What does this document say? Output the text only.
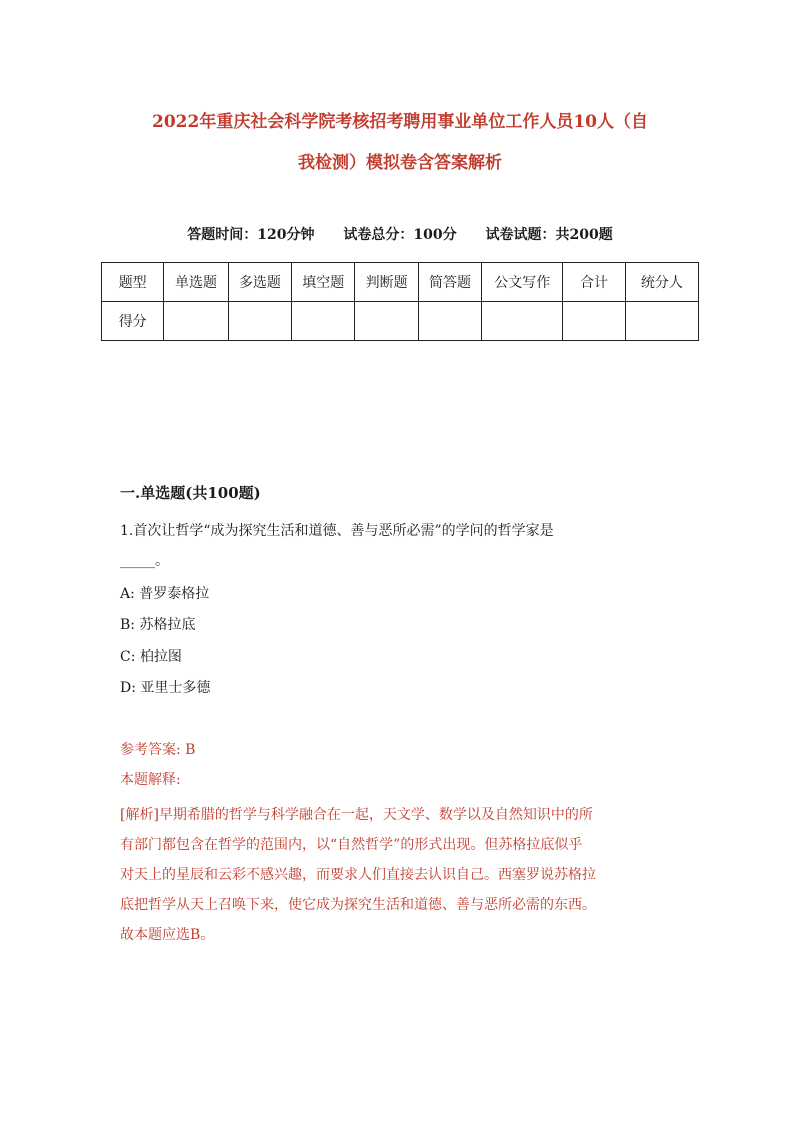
2022年重庆社会科学院考核招考聘用事业单位工作人员10人（自
我检测）模拟卷含答案解析
答题时间：120分钟 试卷总分：100分 试卷试题：共200题
题型	单选题	多选题	填空题	判断题	简答题	公文写作	合计	统分人
得分								
一.单选题(共100题)
1.首次让哲学“成为探究生活和道德、善与恶所必需”的学问的哲学家是
_____。
A: 普罗泰格拉
B: 苏格拉底
C: 柏拉图
D: 亚里士多德
参考答案: B
本题解释:
[解析]早期希腊的哲学与科学融合在一起，天文学、数学以及自然知识中的所
有部门都包含在哲学的范围内，以“自然哲学”的形式出现。但苏格拉底似乎
对天上的星辰和云彩不感兴趣，而要求人们直接去认识自己。西塞罗说苏格拉
底把哲学从天上召唤下来，使它成为探究生活和道德、善与恶所必需的东西。
故本题应选B。
